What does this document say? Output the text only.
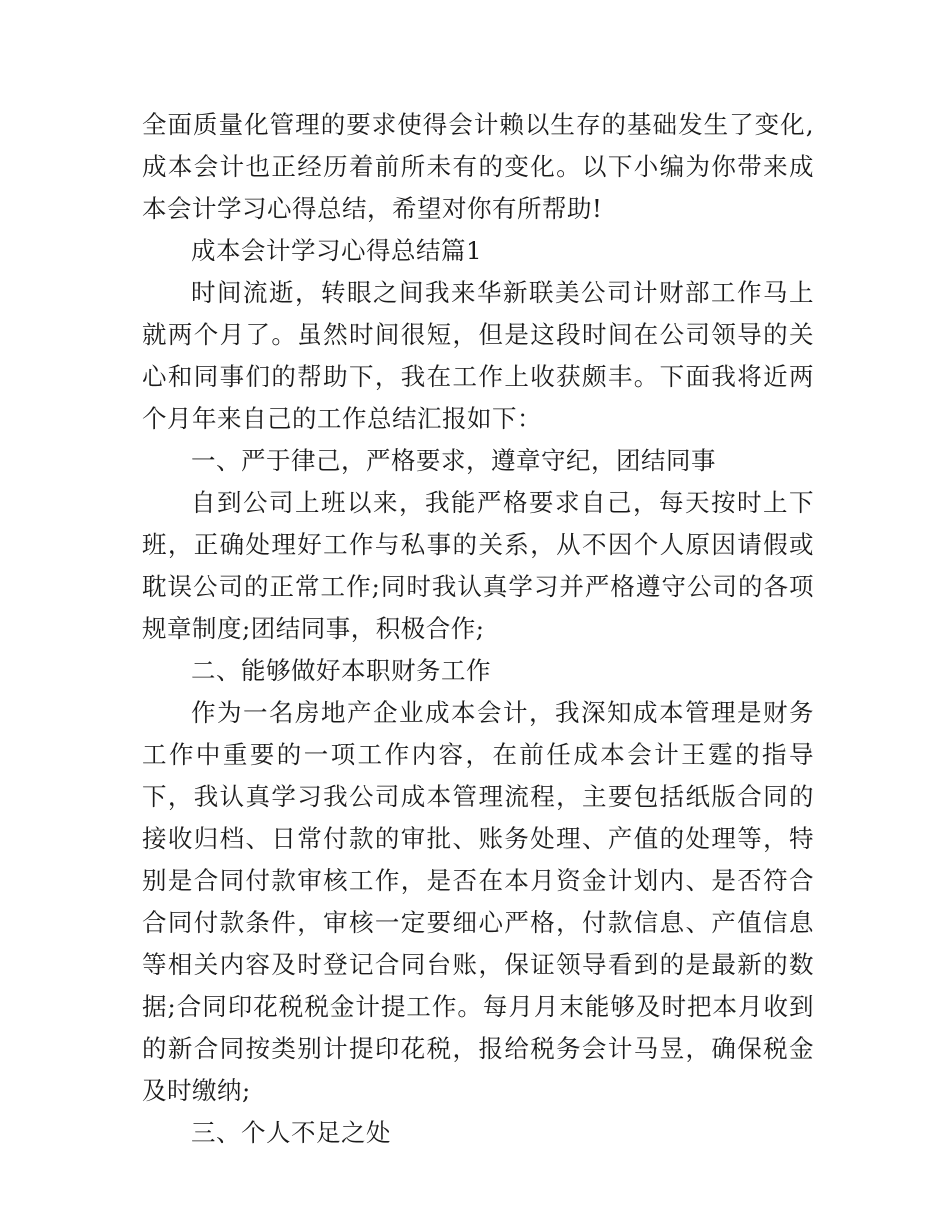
全面质量化管理的要求使得会计赖以生存的基础发生了变化,成本会计也正经历着前所未有的变化。以下小编为你带来成本会计学习心得总结，希望对你有所帮助!

成本会计学习心得总结篇1

时间流逝，转眼之间我来华新联美公司计财部工作马上就两个月了。虽然时间很短，但是这段时间在公司领导的关心和同事们的帮助下，我在工作上收获颇丰。下面我将近两个月年来自己的工作总结汇报如下：

一、严于律己，严格要求，遵章守纪，团结同事

自到公司上班以来，我能严格要求自己，每天按时上下班，正确处理好工作与私事的关系，从不因个人原因请假或耽误公司的正常工作;同时我认真学习并严格遵守公司的各项规章制度;团结同事，积极合作;

二、能够做好本职财务工作

作为一名房地产企业成本会计，我深知成本管理是财务工作中重要的一项工作内容，在前任成本会计王霆的指导下，我认真学习我公司成本管理流程，主要包括纸版合同的接收归档、日常付款的审批、账务处理、产值的处理等，特别是合同付款审核工作，是否在本月资金计划内、是否符合合同付款条件，审核一定要细心严格，付款信息、产值信息等相关内容及时登记合同台账，保证领导看到的是最新的数据;合同印花税税金计提工作。每月月末能够及时把本月收到的新合同按类别计提印花税，报给税务会计马昱，确保税金及时缴纳;

三、个人不足之处
